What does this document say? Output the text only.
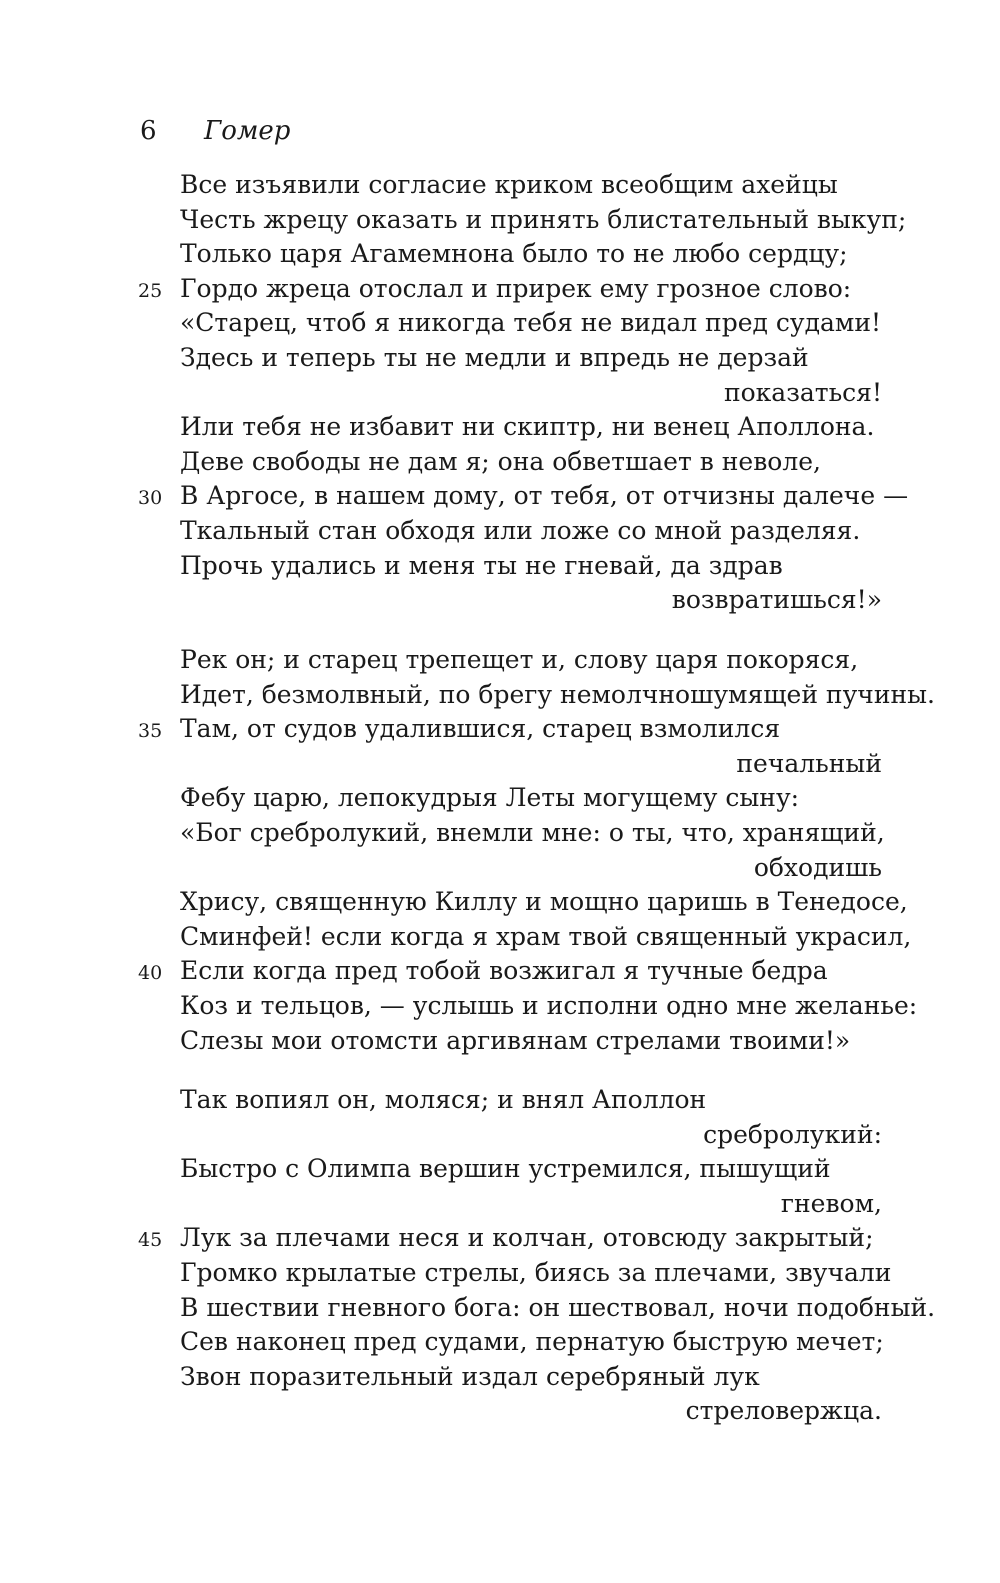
6 Гомер
Все изъявили согласие криком всеобщим ахейцы
Честь жрецу оказать и принять блистательный выкуп;
Только царя Агамемнона было то не любо сердцу;
25 Гордо жреца отослал и прирек ему грозное слово:
«Старец, чтоб я никогда тебя не видал пред судами!
Здесь и теперь ты не медли и впредь не дерзай
показаться!
Или тебя не избавит ни скиптр, ни венец Аполлона.
Деве свободы не дам я; она обветшает в неволе,
30 В Аргосе, в нашем дому, от тебя, от отчизны далече —
Ткальный стан обходя или ложе со мной разделяя.
Прочь удались и меня ты не гневай, да здрав
возвратишься!»
Рек он; и старец трепещет и, слову царя покоряся,
Идет, безмолвный, по брегу немолчношумящей пучины.
35 Там, от судов удалившися, старец взмолился
печальный
Фебу царю, лепокудрыя Леты могущему сыну:
«Бог сребролукий, внемли мне: о ты, что, хранящий,
обходишь
Хрису, священную Киллу и мощно царишь в Тенедосе,
Сминфей! если когда я храм твой священный украсил,
40 Если когда пред тобой возжигал я тучные бедра
Коз и тельцов, — услышь и исполни одно мне желанье:
Слезы мои отомсти аргивянам стрелами твоими!»
Так вопиял он, моляся; и внял Аполлон
сребролукий:
Быстро с Олимпа вершин устремился, пышущий
гневом,
45 Лук за плечами неся и колчан, отовсюду закрытый;
Громко крылатые стрелы, биясь за плечами, звучали
В шествии гневного бога: он шествовал, ночи подобный.
Сев наконец пред судами, пернатую быструю мечет;
Звон поразительный издал серебряный лук
стреловержца.
